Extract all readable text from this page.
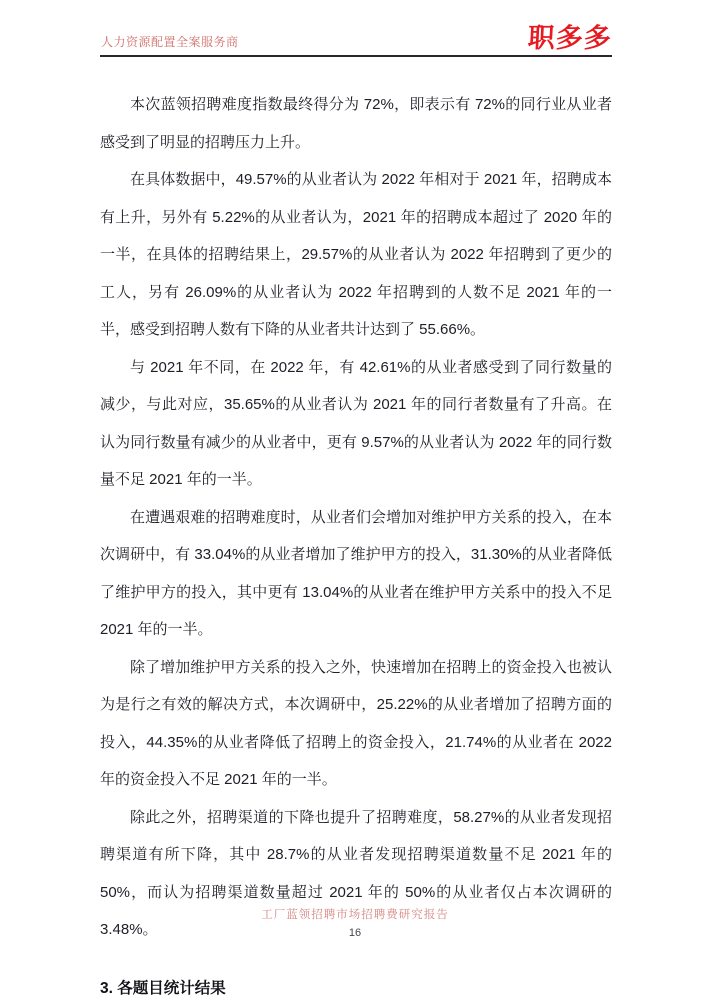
人力资源配置全案服务商	职多多

本次蓝领招聘难度指数最终得分为 72%，即表示有 72%的同行业从业者感受到了明显的招聘压力上升。

在具体数据中，49.57%的从业者认为 2022 年相对于 2021 年，招聘成本有上升，另外有 5.22%的从业者认为，2021 年的招聘成本超过了 2020 年的一半，在具体的招聘结果上，29.57%的从业者认为 2022 年招聘到了更少的工人，另有 26.09%的从业者认为 2022 年招聘到的人数不足 2021 年的一半，感受到招聘人数有下降的从业者共计达到了 55.66%。

与 2021 年不同，在 2022 年，有 42.61%的从业者感受到了同行数量的减少，与此对应，35.65%的从业者认为 2021 年的同行者数量有了升高。在认为同行数量有减少的从业者中，更有 9.57%的从业者认为 2022 年的同行数量不足 2021 年的一半。

在遭遇艰难的招聘难度时，从业者们会增加对维护甲方关系的投入，在本次调研中，有 33.04%的从业者增加了维护甲方的投入，31.30%的从业者降低了维护甲方的投入，其中更有 13.04%的从业者在维护甲方关系中的投入不足 2021 年的一半。

除了增加维护甲方关系的投入之外，快速增加在招聘上的资金投入也被认为是行之有效的解决方式，本次调研中，25.22%的从业者增加了招聘方面的投入，44.35%的从业者降低了招聘上的资金投入，21.74%的从业者在 2022 年的资金投入不足 2021 年的一半。

除此之外，招聘渠道的下降也提升了招聘难度，58.27%的从业者发现招聘渠道有所下降，其中 28.7%的从业者发现招聘渠道数量不足 2021 年的 50%，而认为招聘渠道数量超过 2021 年的 50%的从业者仅占本次调研的 3.48%。

3. 各题目统计结果
工厂蓝领招聘市场招聘费研究报告
16
